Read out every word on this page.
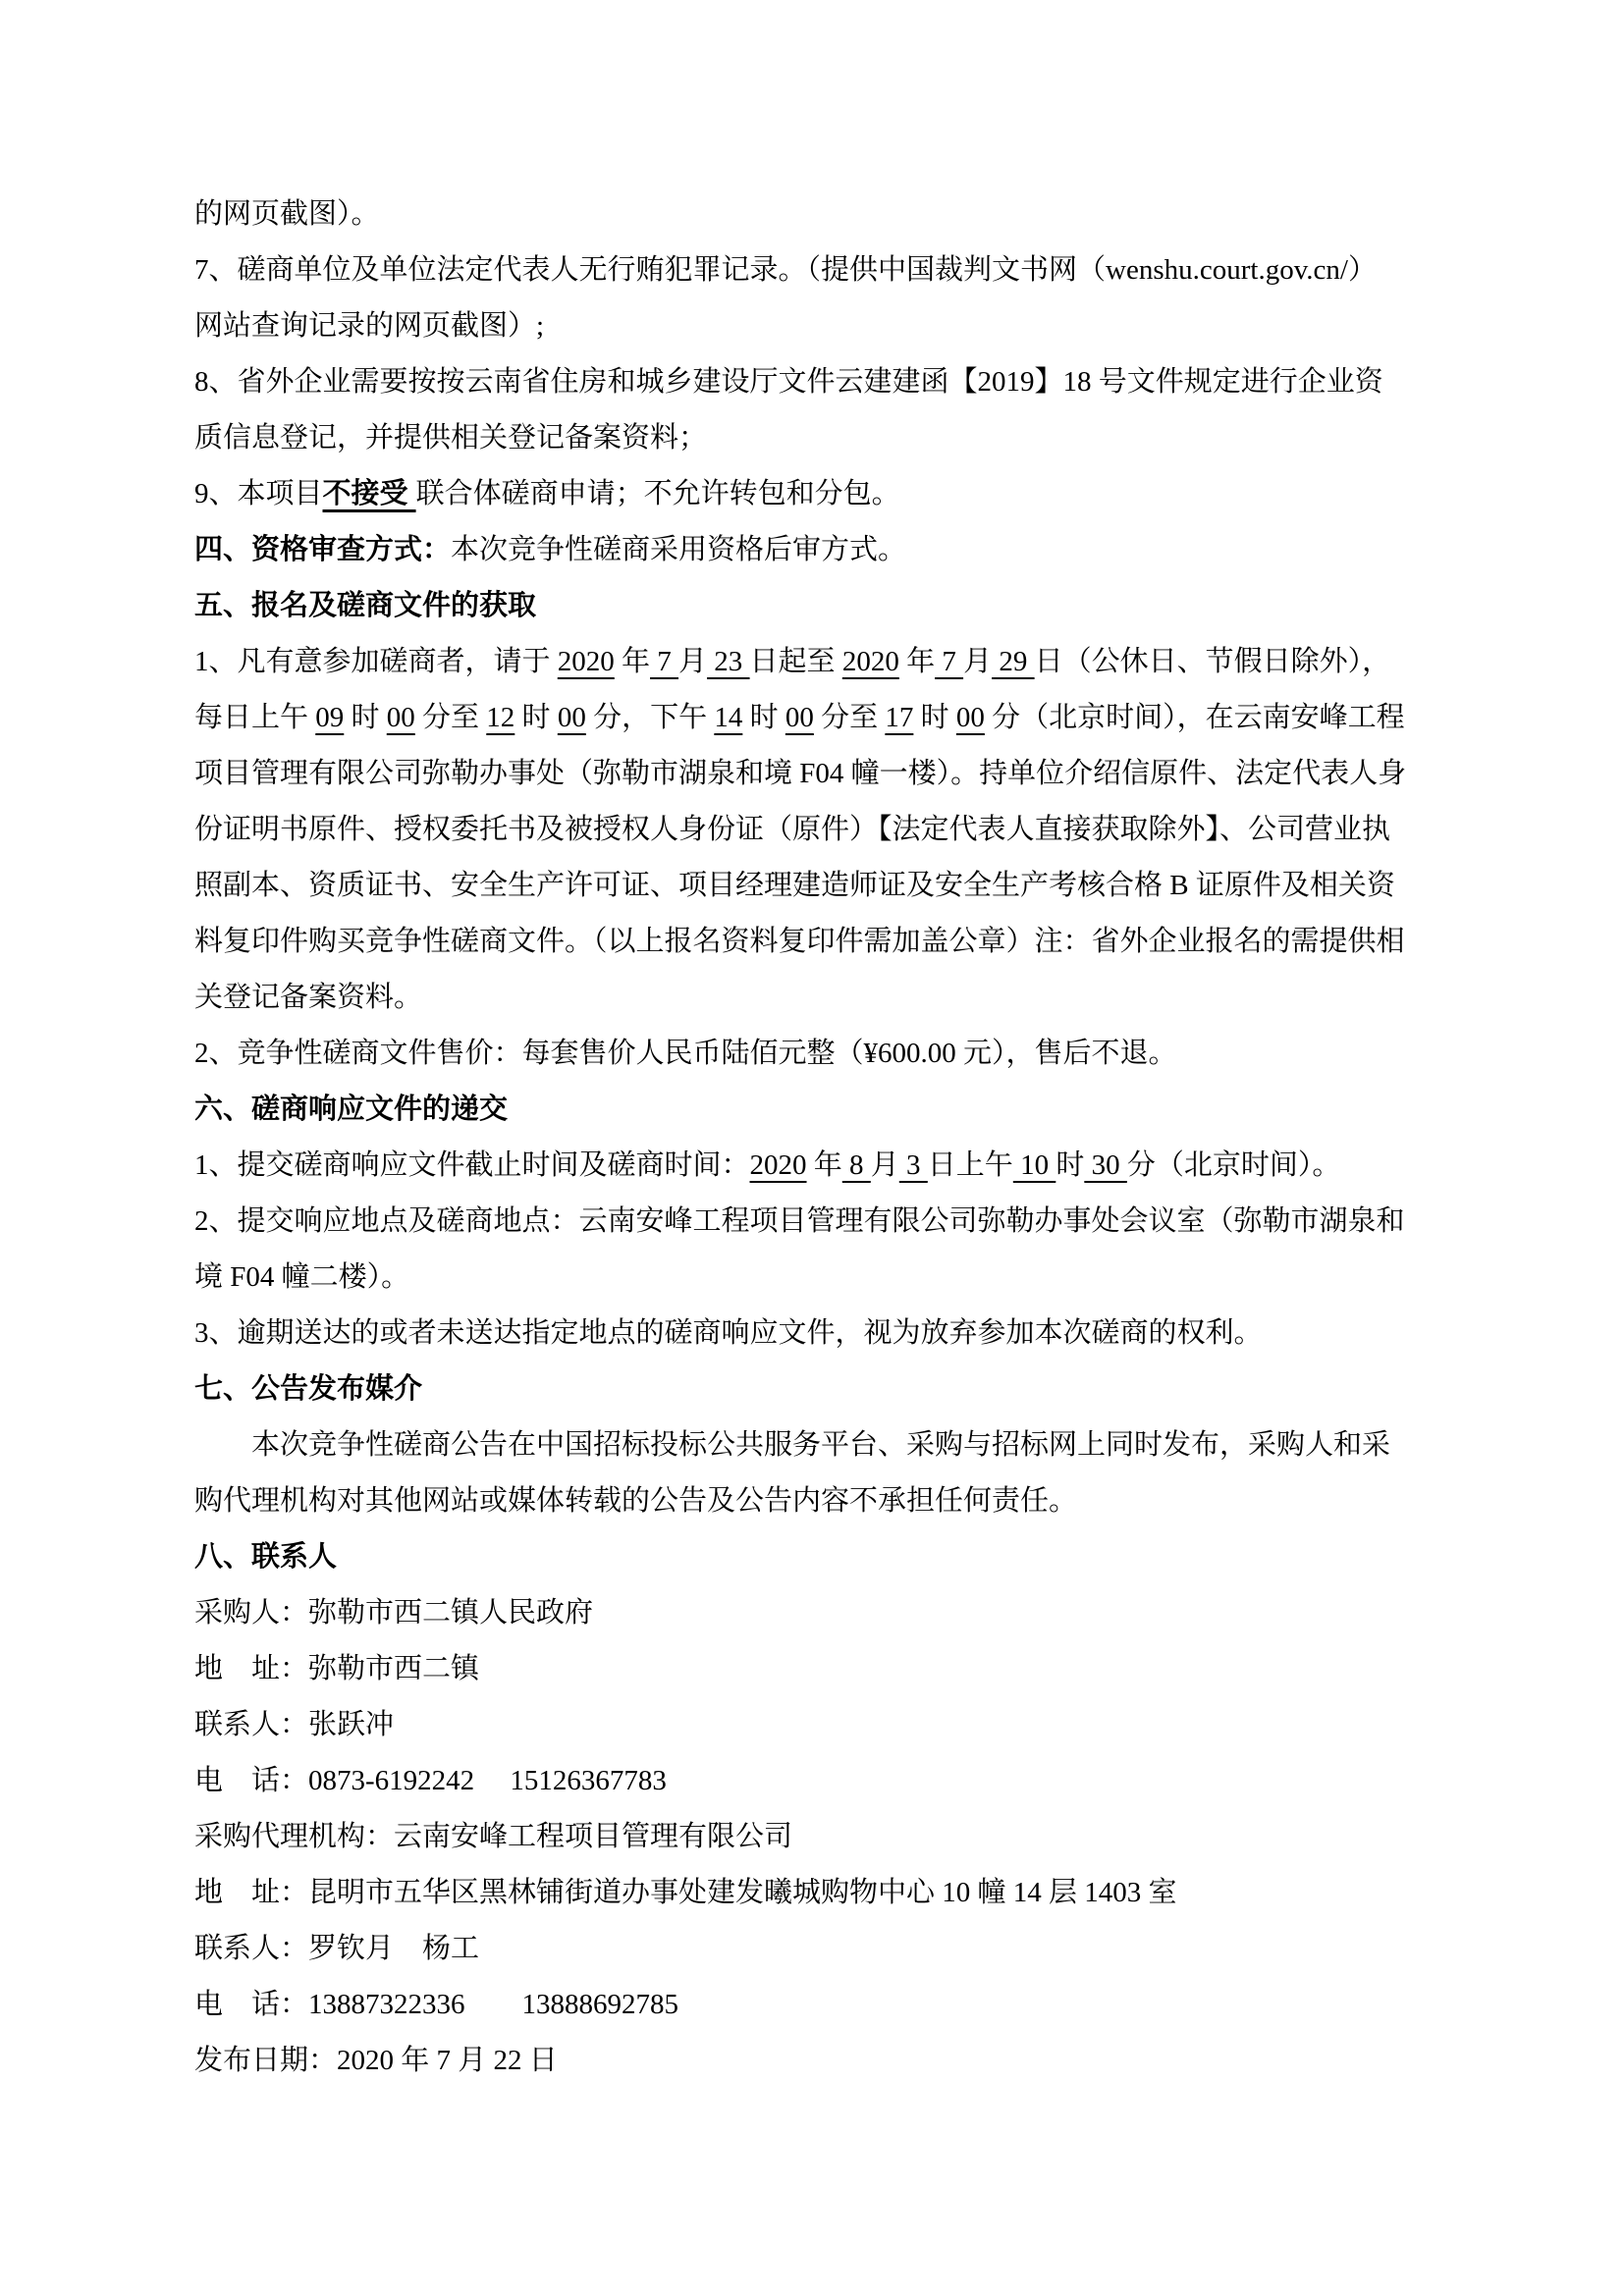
的网页截图）。

7、磋商单位及单位法定代表人无行贿犯罪记录。（提供中国裁判文书网（wenshu.court.gov.cn/）

网站查询记录的网页截图）;

8、省外企业需要按按云南省住房和城乡建设厅文件云建建函【2019】18 号文件规定进行企业资

质信息登记，并提供相关登记备案资料；

9、本项目不接受 联合体磋商申请；不允许转包和分包。

四、资格审查方式：本次竞争性磋商采用资格后审方式。

五、报名及磋商文件的获取

1、凡有意参加磋商者，请于 2020 年 7 月 23 日起至 2020 年 7 月 29 日（公休日、节假日除外），

每日上午 09 时 00 分至 12 时 00 分，下午 14 时 00 分至 17 时 00 分（北京时间），在云南安峰工程

项目管理有限公司弥勒办事处（弥勒市湖泉和境 F04 幢一楼）。持单位介绍信原件、法定代表人身

份证明书原件、授权委托书及被授权人身份证（原件）【法定代表人直接获取除外】、公司营业执

照副本、资质证书、安全生产许可证、项目经理建造师证及安全生产考核合格 B 证原件及相关资

料复印件购买竞争性磋商文件。（以上报名资料复印件需加盖公章）注：省外企业报名的需提供相

关登记备案资料。

2、竞争性磋商文件售价：每套售价人民币陆佰元整（¥600.00 元），售后不退。

六、磋商响应文件的递交

1、提交磋商响应文件截止时间及磋商时间：2020 年 8 月 3 日上午 10 时 30 分（北京时间）。

2、提交响应地点及磋商地点：云南安峰工程项目管理有限公司弥勒办事处会议室（弥勒市湖泉和

境 F04 幢二楼）。

3、逾期送达的或者未送达指定地点的磋商响应文件，视为放弃参加本次磋商的权利。

七、公告发布媒介

　　本次竞争性磋商公告在中国招标投标公共服务平台、采购与招标网上同时发布，采购人和采

购代理机构对其他网站或媒体转载的公告及公告内容不承担任何责任。

八、联系人

采购人：弥勒市西二镇人民政府

地　址：弥勒市西二镇

联系人：张跃冲

电　话：0873-6192242　 15126367783

采购代理机构：云南安峰工程项目管理有限公司

地　址：昆明市五华区黑林铺街道办事处建发曦城购物中心 10 幢 14 层 1403 室

联系人：罗钦月　杨工

电　话：13887322336　　13888692785

发布日期：2020 年 7 月 22 日
